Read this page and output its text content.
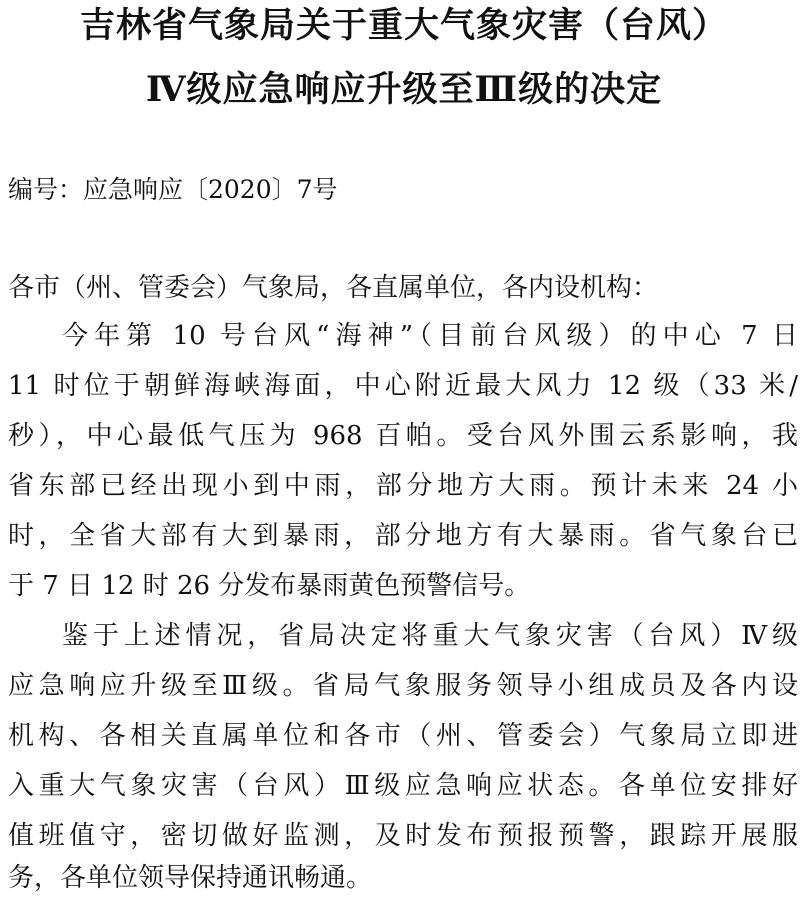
吉林省气象局关于重大气象灾害（台风）
Ⅳ级应急响应升级至Ⅲ级的决定
编号：应急响应〔2020〕7号
各市（州、管委会）气象局，各直属单位，各内设机构：
今年第 10 号台风“海神”（目前台风级）的中心 7 日
11 时位于朝鲜海峡海面，中心附近最大风力 12 级（33 米/
秒），中心最低气压为 968 百帕。受台风外围云系影响，我
省东部已经出现小到中雨，部分地方大雨。预计未来 24 小
时，全省大部有大到暴雨，部分地方有大暴雨。省气象台已
于 7 日 12 时 26 分发布暴雨黄色预警信号。
鉴于上述情况，省局决定将重大气象灾害（台风）Ⅳ级
应急响应升级至Ⅲ级。省局气象服务领导小组成员及各内设
机构、各相关直属单位和各市（州、管委会）气象局立即进
入重大气象灾害（台风）Ⅲ级应急响应状态。各单位安排好
值班值守，密切做好监测，及时发布预报预警，跟踪开展服
务，各单位领导保持通讯畅通。
